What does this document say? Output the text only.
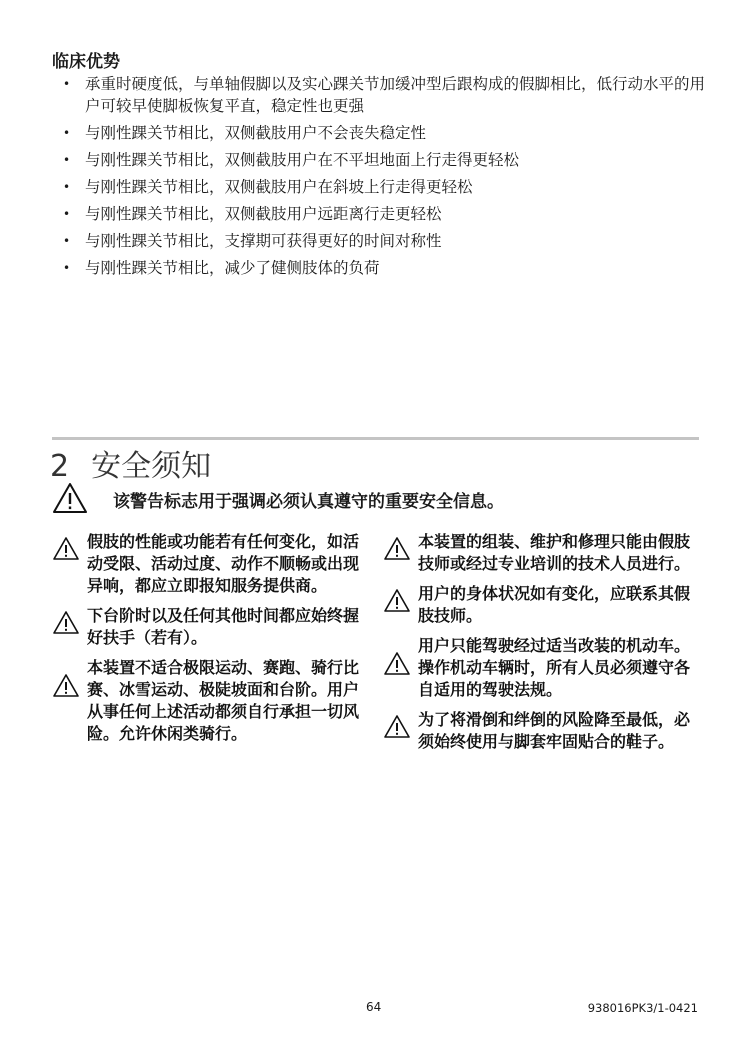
临床优势
• 承重时硬度低，与单轴假脚以及实心踝关节加缓冲型后跟构成的假脚相比，低行动水平的用户可较早使脚板恢复平直，稳定性也更强
• 与刚性踝关节相比，双侧截肢用户不会丧失稳定性
• 与刚性踝关节相比，双侧截肢用户在不平坦地面上行走得更轻松
• 与刚性踝关节相比，双侧截肢用户在斜坡上行走得更轻松
• 与刚性踝关节相比，双侧截肢用户远距离行走更轻松
• 与刚性踝关节相比，支撑期可获得更好的时间对称性
• 与刚性踝关节相比，减少了健侧肢体的负荷
2 安全须知
该警告标志用于强调必须认真遵守的重要安全信息。
假肢的性能或功能若有任何变化，如活动受限、活动过度、动作不顺畅或出现异响，都应立即报知服务提供商。
下台阶时以及任何其他时间都应始终握好扶手（若有）。
本装置不适合极限运动、赛跑、骑行比赛、冰雪运动、极陡坡面和台阶。用户从事任何上述活动都须自行承担一切风险。允许休闲类骑行。
本装置的组装、维护和修理只能由假肢技师或经过专业培训的技术人员进行。
用户的身体状况如有变化，应联系其假肢技师。
用户只能驾驶经过适当改装的机动车。操作机动车辆时，所有人员必须遵守各自适用的驾驶法规。
为了将滑倒和绊倒的风险降至最低，必须始终使用与脚套牢固贴合的鞋子。
64	938016PK3/1-0421
